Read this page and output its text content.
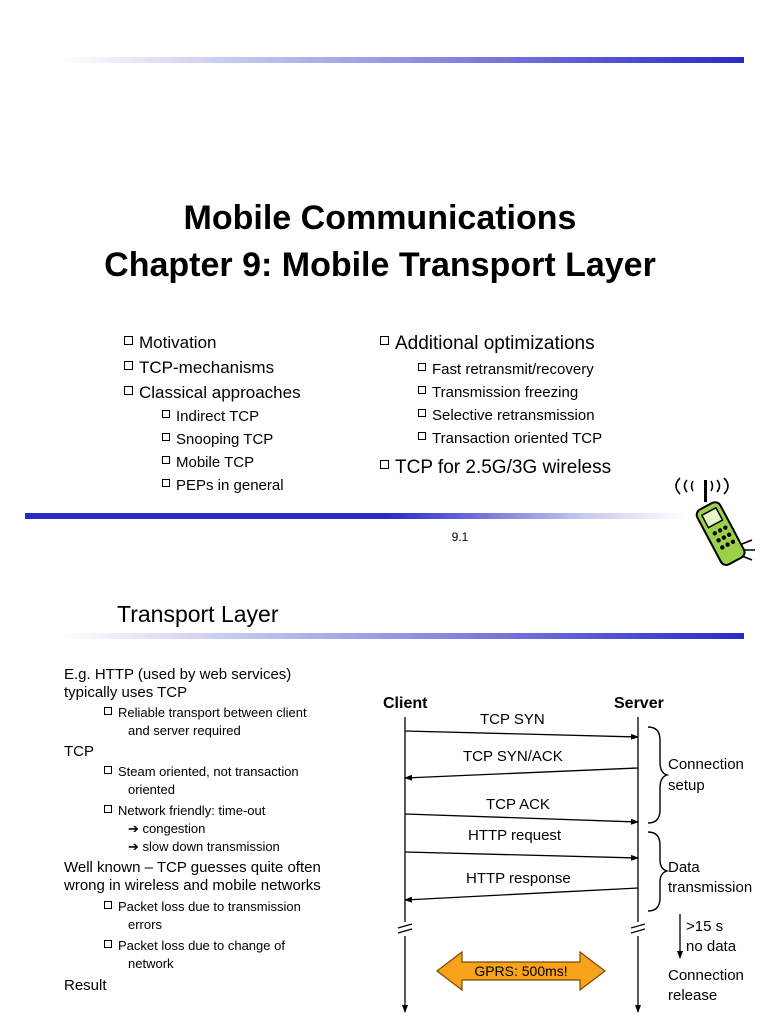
Mobile Communications
Chapter 9: Mobile Transport Layer
Motivation
TCP-mechanisms
Classical approaches
Indirect TCP
Snooping TCP
Mobile TCP
PEPs in general
Additional optimizations
Fast retransmit/recovery
Transmission freezing
Selective retransmission
Transaction oriented TCP
TCP for 2.5G/3G wireless
9.1
Transport Layer
E.g. HTTP (used by web services)
typically uses TCP
Reliable transport between client
and server required
TCP
Steam oriented, not transaction
oriented
Network friendly: time-out
➔ congestion
➔ slow down transmission
Well known – TCP guesses quite often
wrong in wireless and mobile networks
Packet loss due to transmission
errors
Packet loss due to change of
network
Result
Client	Server
TCP SYN
TCP SYN/ACK
TCP ACK
HTTP request
HTTP response
Connection
setup
Data
transmission
>15 s
no data
Connection
release
GPRS: 500ms!
